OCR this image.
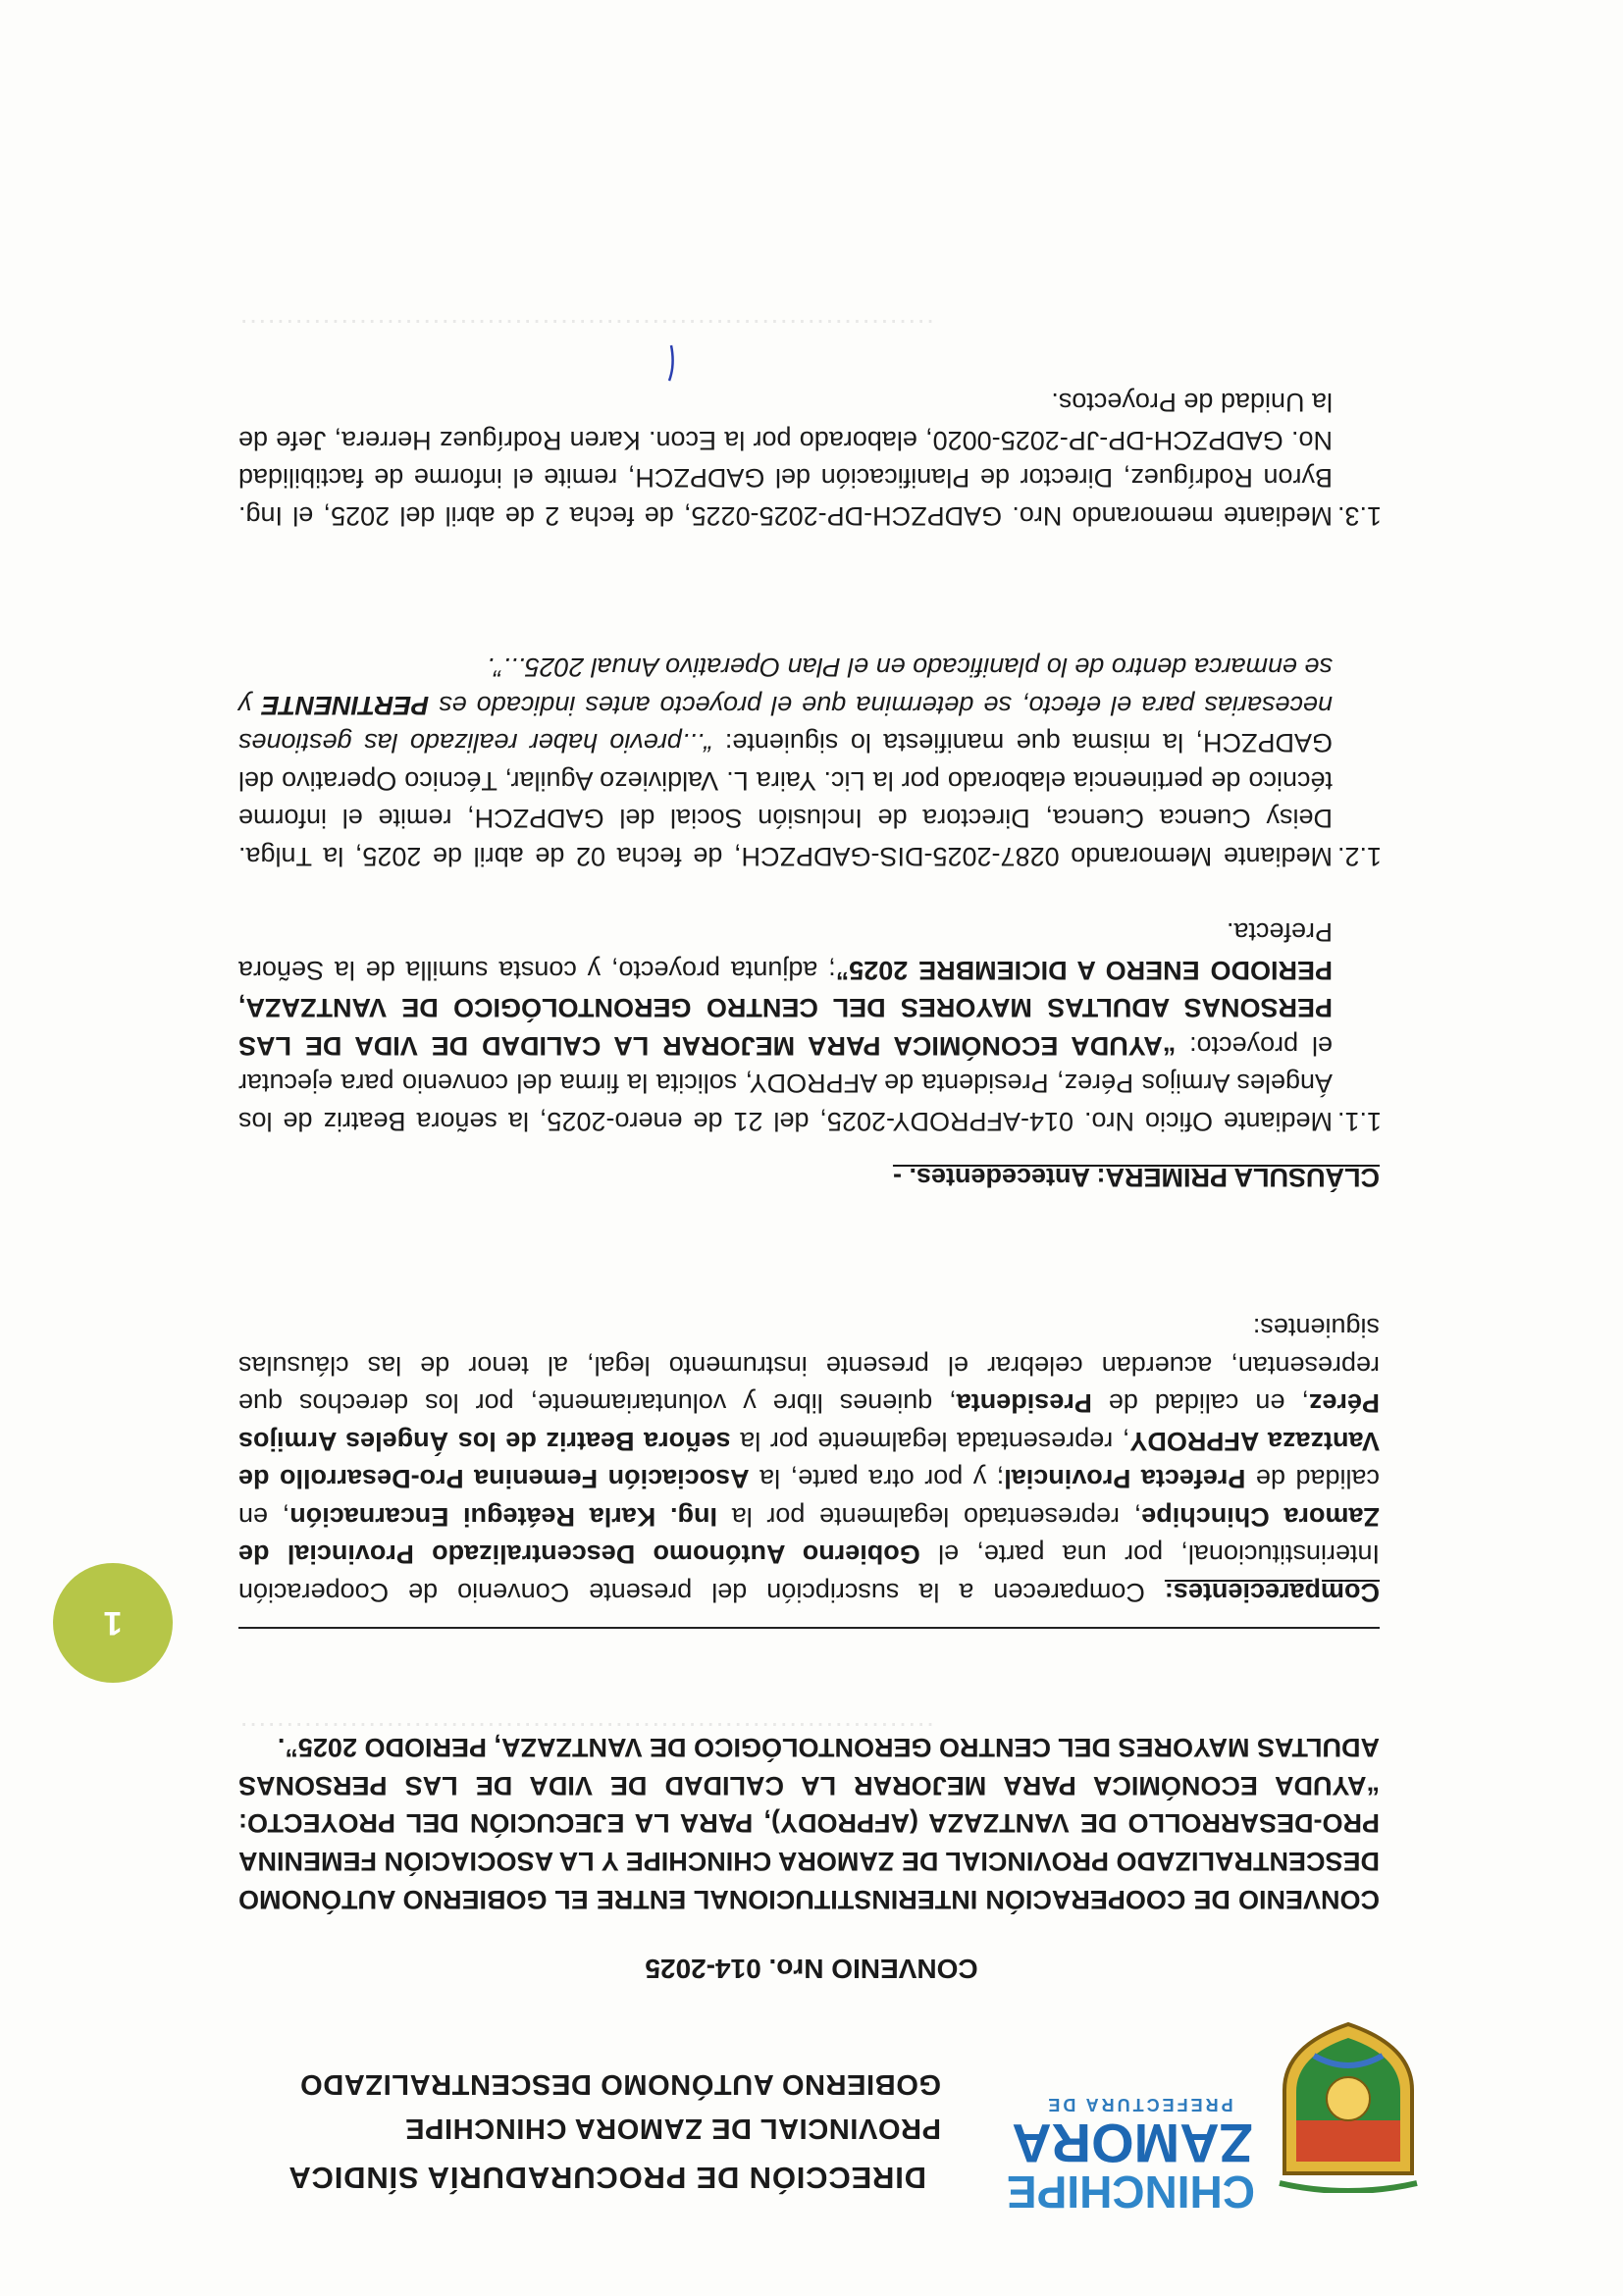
············································································
PREFECTURA DE
ZAMORA
CHINCHIPE
DIRECCIÓN DE PROCURADURÍA SÍNDICA
PROVINCIAL DE ZAMORA CHINCHIPE
GOBIERNO AUTÓNOMO DESCENTRALIZADO
CONVENIO Nro. 014-2025
CONVENIO DE COOPERACIÓN INTERINSTITUCIONAL ENTRE EL GOBIERNO AUTÓNOMO DESCENTRALIZADO PROVINCIAL DE ZAMORA CHINCHIPE Y LA ASOCIACIÓN FEMENINA PRO-DESARROLLO DE VANTZAZA (AFPRODY), PARA LA EJECUCIÓN DEL PROYECTO: “AYUDA ECONÓMICA PARA MEJORAR LA CALIDAD DE VIDA DE LAS PERSONAS ADULTAS MAYORES DEL CENTRO GERONTOLÓGICO DE VANTZAZA, PERIODO 2025”.
1

Comparecientes: Comparecen a la suscripción del presente Convenio de Cooperación Interinstitucional, por una parte, el Gobierno Autónomo Descentralizado Provincial de Zamora Chinchipe, representado legalmente por la Ing. Karla Reátegui Encarnación, en calidad de Prefecta Provincial; y por otra parte, la Asociación Femenina Pro-Desarrollo de Vantzaza AFPRODY, representada legalmente por la señora Beatriz de los Ángeles Armijos Pérez, en calidad de Presidenta, quienes libre y voluntariamente, por los derechos que representan, acuerdan celebrar el presente instrumento legal, al tenor de las cláusulas siguientes:

CLÁUSULA PRIMERA: Antecedentes. -
1.1.
Mediante Oficio Nro. 014-AFPRODY-2025, del 21 de enero-2025, la señora Beatriz de los Ángeles Armijos Pérez, Presidenta de AFPRODY, solicita la firma del convenio para ejecutar el proyecto: “AYUDA ECONÓMICA PARA MEJORAR LA CALIDAD DE VIDA DE LAS PERSONAS ADULTAS MAYORES DEL CENTRO GERONTOLÓGICO DE VANTZAZA, PERIODO ENERO A DICIEMBRE 2025”; adjunta proyecto, y consta sumilla de la Señora Prefecta.
1.2.
Mediante Memorando 0287-2025-DIS-GADPZCH, de fecha 02 de abril de 2025, la Tnlga. Deisy Cuenca Cuenca, Directora de Inclusión Social del GADPZCH, remite el informe técnico de pertinencia elaborado por la Lic. Yaira L. Valdiviezo Aguilar, Técnico Operativo del GADPZCH, la misma que manifiesta lo siguiente: “...previo haber realizado las gestiones necesarias para el efecto, se determina que el proyecto antes indicado es PERTINENTE y se enmarca dentro de lo planificado en el Plan Operativo Anual 2025...”.
1.3.
Mediante memorando Nro. GADPZCH-DP-2025-0225, de fecha 2 de abril del 2025, el Ing. Byron Rodríguez, Director de Planificación del GADPZCH, remite el informe de factibilidad No. GADPZCH-DP-JP-2025-0020, elaborado por la Econ. Karen Rodríguez Herrera, Jefe de la Unidad de Proyectos.
············································································
